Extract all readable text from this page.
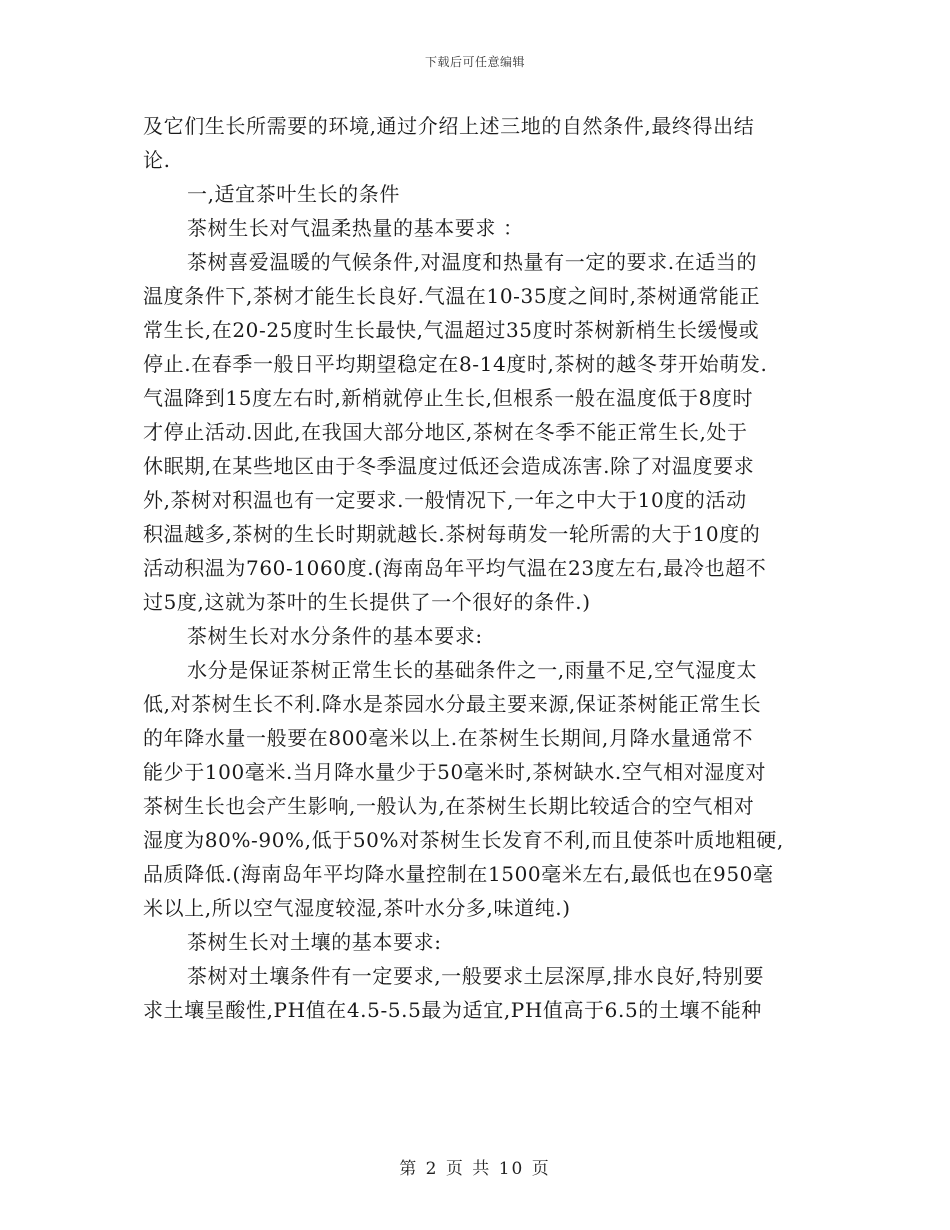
下载后可任意编辑
及它们生长所需要的环境,通过介绍上述三地的自然条件,最终得出结
论.
一,适宜茶叶生长的条件
茶树生长对气温柔热量的基本要求 ：
茶树喜爱温暖的气候条件,对温度和热量有一定的要求.在适当的
温度条件下,茶树才能生长良好.气温在10-35度之间时,茶树通常能正
常生长,在20-25度时生长最快,气温超过35度时茶树新梢生长缓慢或
停止.在春季一般日平均期望稳定在8-14度时,茶树的越冬芽开始萌发.
气温降到15度左右时,新梢就停止生长,但根系一般在温度低于8度时
才停止活动.因此,在我国大部分地区,茶树在冬季不能正常生长,处于
休眠期,在某些地区由于冬季温度过低还会造成冻害.除了对温度要求
外,茶树对积温也有一定要求.一般情况下,一年之中大于10度的活动
积温越多,茶树的生长时期就越长.茶树每萌发一轮所需的大于10度的
活动积温为760-1060度.(海南岛年平均气温在23度左右,最冷也超不
过5度,这就为茶叶的生长提供了一个很好的条件.)
茶树生长对水分条件的基本要求:
水分是保证茶树正常生长的基础条件之一,雨量不足,空气湿度太
低,对茶树生长不利.降水是茶园水分最主要来源,保证茶树能正常生长
的年降水量一般要在800毫米以上.在茶树生长期间,月降水量通常不
能少于100毫米.当月降水量少于50毫米时,茶树缺水.空气相对湿度对
茶树生长也会产生影响,一般认为,在茶树生长期比较适合的空气相对
湿度为80%-90%,低于50%对茶树生长发育不利,而且使茶叶质地粗硬,
品质降低.(海南岛年平均降水量控制在1500毫米左右,最低也在950毫
米以上,所以空气湿度较湿,茶叶水分多,味道纯.)
茶树生长对土壤的基本要求:
茶树对土壤条件有一定要求,一般要求土层深厚,排水良好,特别要
求土壤呈酸性,PH值在4.5-5.5最为适宜,PH值高于6.5的土壤不能种
第 2 页 共 10 页
